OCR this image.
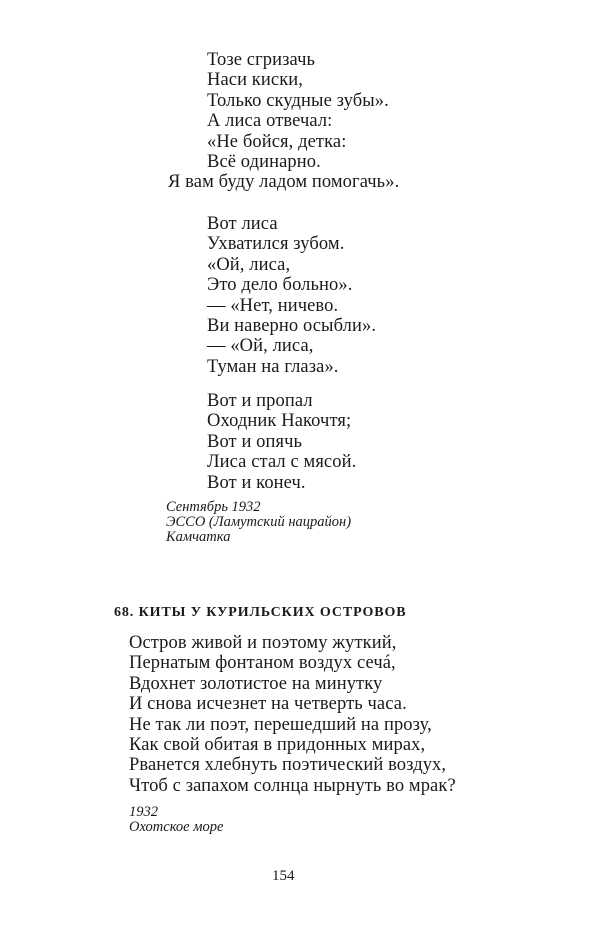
Тозе сгризачь
Наси киски,
Только скудные зубы».
А лиса отвечал:
«Не бойся, детка:
Всё одинарно.
Я вам буду ладом помогачь».
Вот лиса
Ухватился зубом.
«Ой, лиса,
Это дело больно».
— «Нет, ничево.
Ви наверно осыбли».
— «Ой, лиса,
Туман на глаза».
Вот и пропал
Оходник Накочтя;
Вот и опячь
Лиса стал с мясой.
Вот и конеч.
Сентябрь 1932
ЭССО (Ламутский нацрайон)
Камчатка
68. КИТЫ У КУРИЛЬСКИХ ОСТРОВОВ
Остров живой и поэтому жуткий,
Пернатым фонтаном воздух сечá,
Вдохнет золотистое на минутку
И снова исчезнет на четверть часа.
Не так ли поэт, перешедший на прозу,
Как свой обитая в придонных мирах,
Рванется хлебнуть поэтический воздух,
Чтоб с запахом солнца нырнуть во мрак?
1932
Охотское море
154
